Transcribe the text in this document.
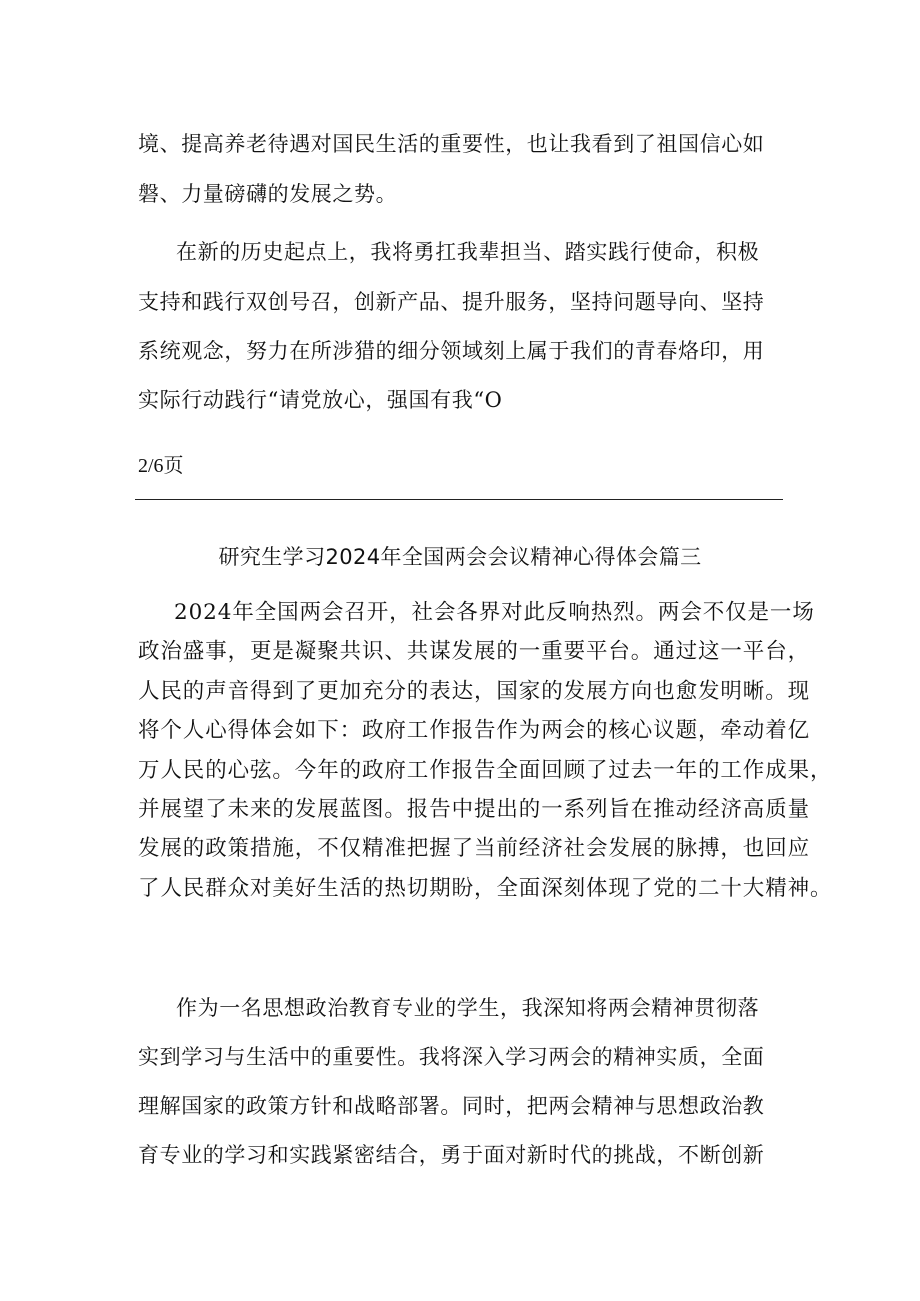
境、提高养老待遇对国民生活的重要性，也让我看到了祖国信心如
磐、力量磅礴的发展之势。
在新的历史起点上，我将勇扛我辈担当、踏实践行使命，积极
支持和践行双创号召，创新产品、提升服务，坚持问题导向、坚持
系统观念，努力在所涉猎的细分领域刻上属于我们的青春烙印，用
实际行动践行“请党放心，强国有我“O
2/6页
研究生学习2024年全国两会会议精神心得体会篇三
2024年全国两会召开，社会各界对此反响热烈。两会不仅是一场
政治盛事，更是凝聚共识、共谋发展的一重要平台。通过这一平台，
人民的声音得到了更加充分的表达，国家的发展方向也愈发明晰。现
将个人心得体会如下：政府工作报告作为两会的核心议题，牵动着亿
万人民的心弦。今年的政府工作报告全面回顾了过去一年的工作成果，
并展望了未来的发展蓝图。报告中提出的一系列旨在推动经济高质量
发展的政策措施，不仅精准把握了当前经济社会发展的脉搏，也回应
了人民群众对美好生活的热切期盼，全面深刻体现了党的二十大精神。
作为一名思想政治教育专业的学生，我深知将两会精神贯彻落
实到学习与生活中的重要性。我将深入学习两会的精神实质，全面
理解国家的政策方针和战略部署。同时，把两会精神与思想政治教
育专业的学习和实践紧密结合，勇于面对新时代的挑战，不断创新
